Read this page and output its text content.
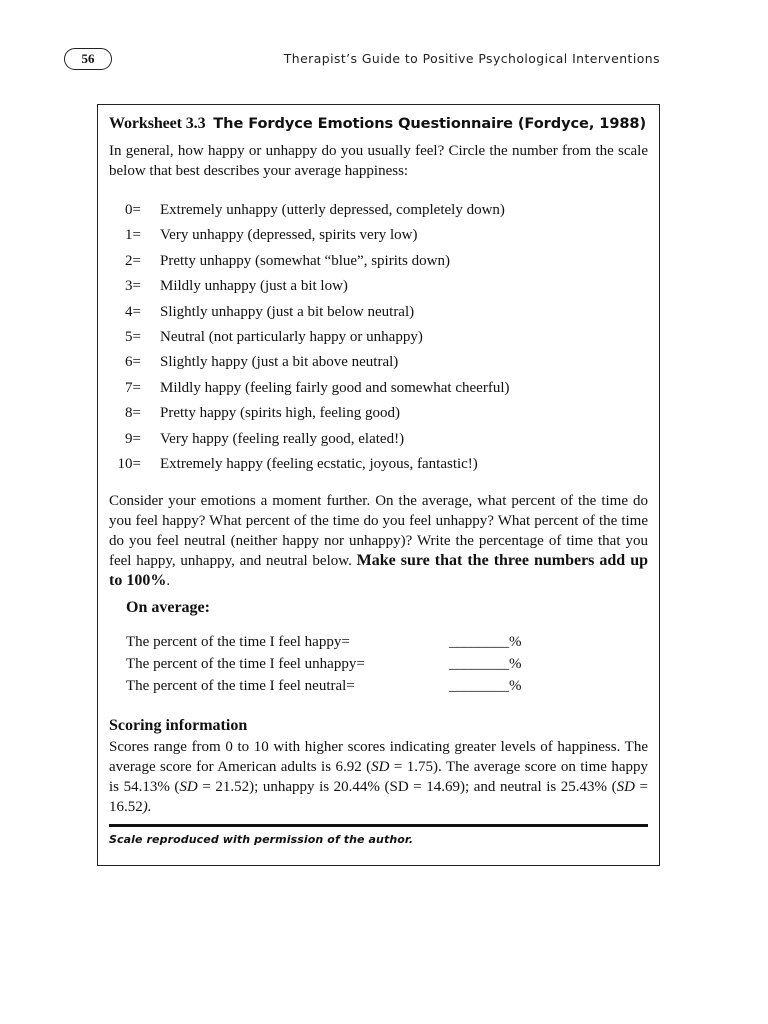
56	Therapist’s Guide to Positive Psychological Interventions
Worksheet 3.3 The Fordyce Emotions Questionnaire (Fordyce, 1988)

In general, how happy or unhappy do you usually feel? Circle the number from the scale below that best describes your average happiness:

0= Extremely unhappy (utterly depressed, completely down)
1= Very unhappy (depressed, spirits very low)
2= Pretty unhappy (somewhat “blue”, spirits down)
3= Mildly unhappy (just a bit low)
4= Slightly unhappy (just a bit below neutral)
5= Neutral (not particularly happy or unhappy)
6= Slightly happy (just a bit above neutral)
7= Mildly happy (feeling fairly good and somewhat cheerful)
8= Pretty happy (spirits high, feeling good)
9= Very happy (feeling really good, elated!)
10= Extremely happy (feeling ecstatic, joyous, fantastic!)

Consider your emotions a moment further. On the average, what percent of the time do you feel happy? What percent of the time do you feel unhappy? What percent of the time do you feel neutral (neither happy nor unhappy)? Write the percentage of time that you feel happy, unhappy, and neutral below. Make sure that the three numbers add up to 100%.

On average:
The percent of the time I feel happy=	________%
The percent of the time I feel unhappy=	________%
The percent of the time I feel neutral=	________%
Scoring information

Scores range from 0 to 10 with higher scores indicating greater levels of happiness. The average score for American adults is 6.92 (SD = 1.75). The average score on time happy is 54.13% (SD = 21.52); unhappy is 20.44% (SD = 14.69); and neutral is 25.43% (SD = 16.52).

Scale reproduced with permission of the author.
